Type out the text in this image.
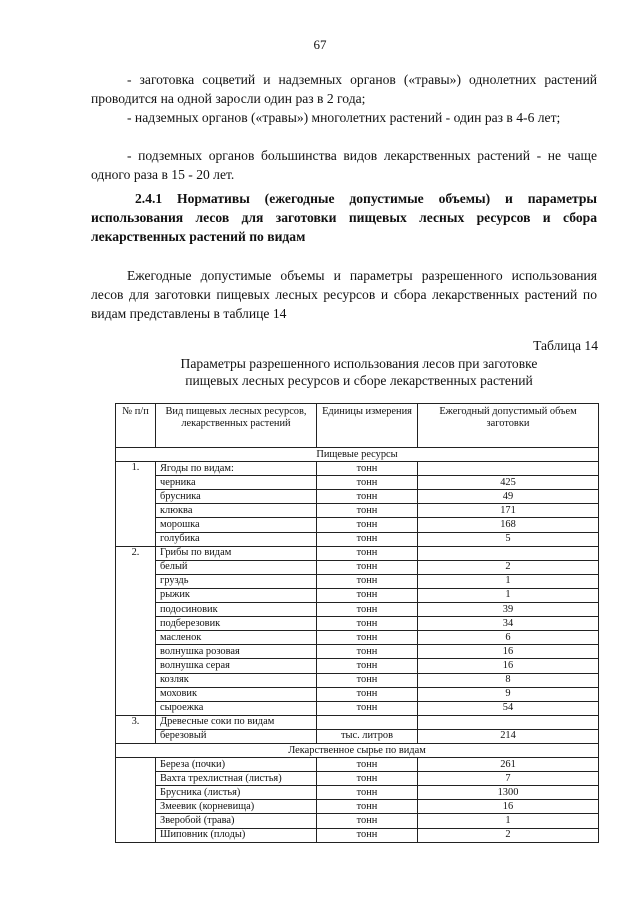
67

- заготовка соцветий и надземных органов («травы») однолетних растений проводится на одной заросли один раз в 2 года;

- надземных органов («травы») многолетних растений - один раз в 4-6 лет;

- подземных органов большинства видов лекарственных растений - не чаще одного раза в 15 - 20 лет.

2.4.1 Нормативы (ежегодные допустимые объемы) и параметры использования лесов для заготовки пищевых лесных ресурсов и сбора лекарственных растений по видам

Ежегодные допустимые объемы и параметры разрешенного использования лесов для заготовки пищевых лесных ресурсов и сбора лекарственных растений по видам представлены в таблице 14

Таблица 14
Параметры разрешенного использования лесов при заготовке
пищевых лесных ресурсов и сборе лекарственных растений
№ п/п	Вид пищевых лесных ресурсов, лекарственных растений	Единицы измерения	Ежегодный допустимый объем заготовки
Пищевые ресурсы			
1.	Ягоды по видам:	тонн	
	черника	тонн	425
	брусника	тонн	49
	клюква	тонн	171
	морошка	тонн	168
	голубика	тонн	5
2.	Грибы по видам	тонн	
	белый	тонн	2
	груздь	тонн	1
	рыжик	тонн	1
	подосиновик	тонн	39
	подберезовик	тонн	34
	масленок	тонн	6
	волнушка розовая	тонн	16
	волнушка серая	тонн	16
	козляк	тонн	8
	моховик	тонн	9
	сыроежка	тонн	54
3.	Древесные соки по видам		
	березовый	тыс. литров	214
Лекарственное сырье по видам			
	Береза (почки)	тонн	261
	Вахта трехлистная (листья)	тонн	7
	Брусника (листья)	тонн	1300
	Змеевик (корневища)	тонн	16
	Зверобой (трава)	тонн	1
	Шиповник (плоды)	тонн	2
